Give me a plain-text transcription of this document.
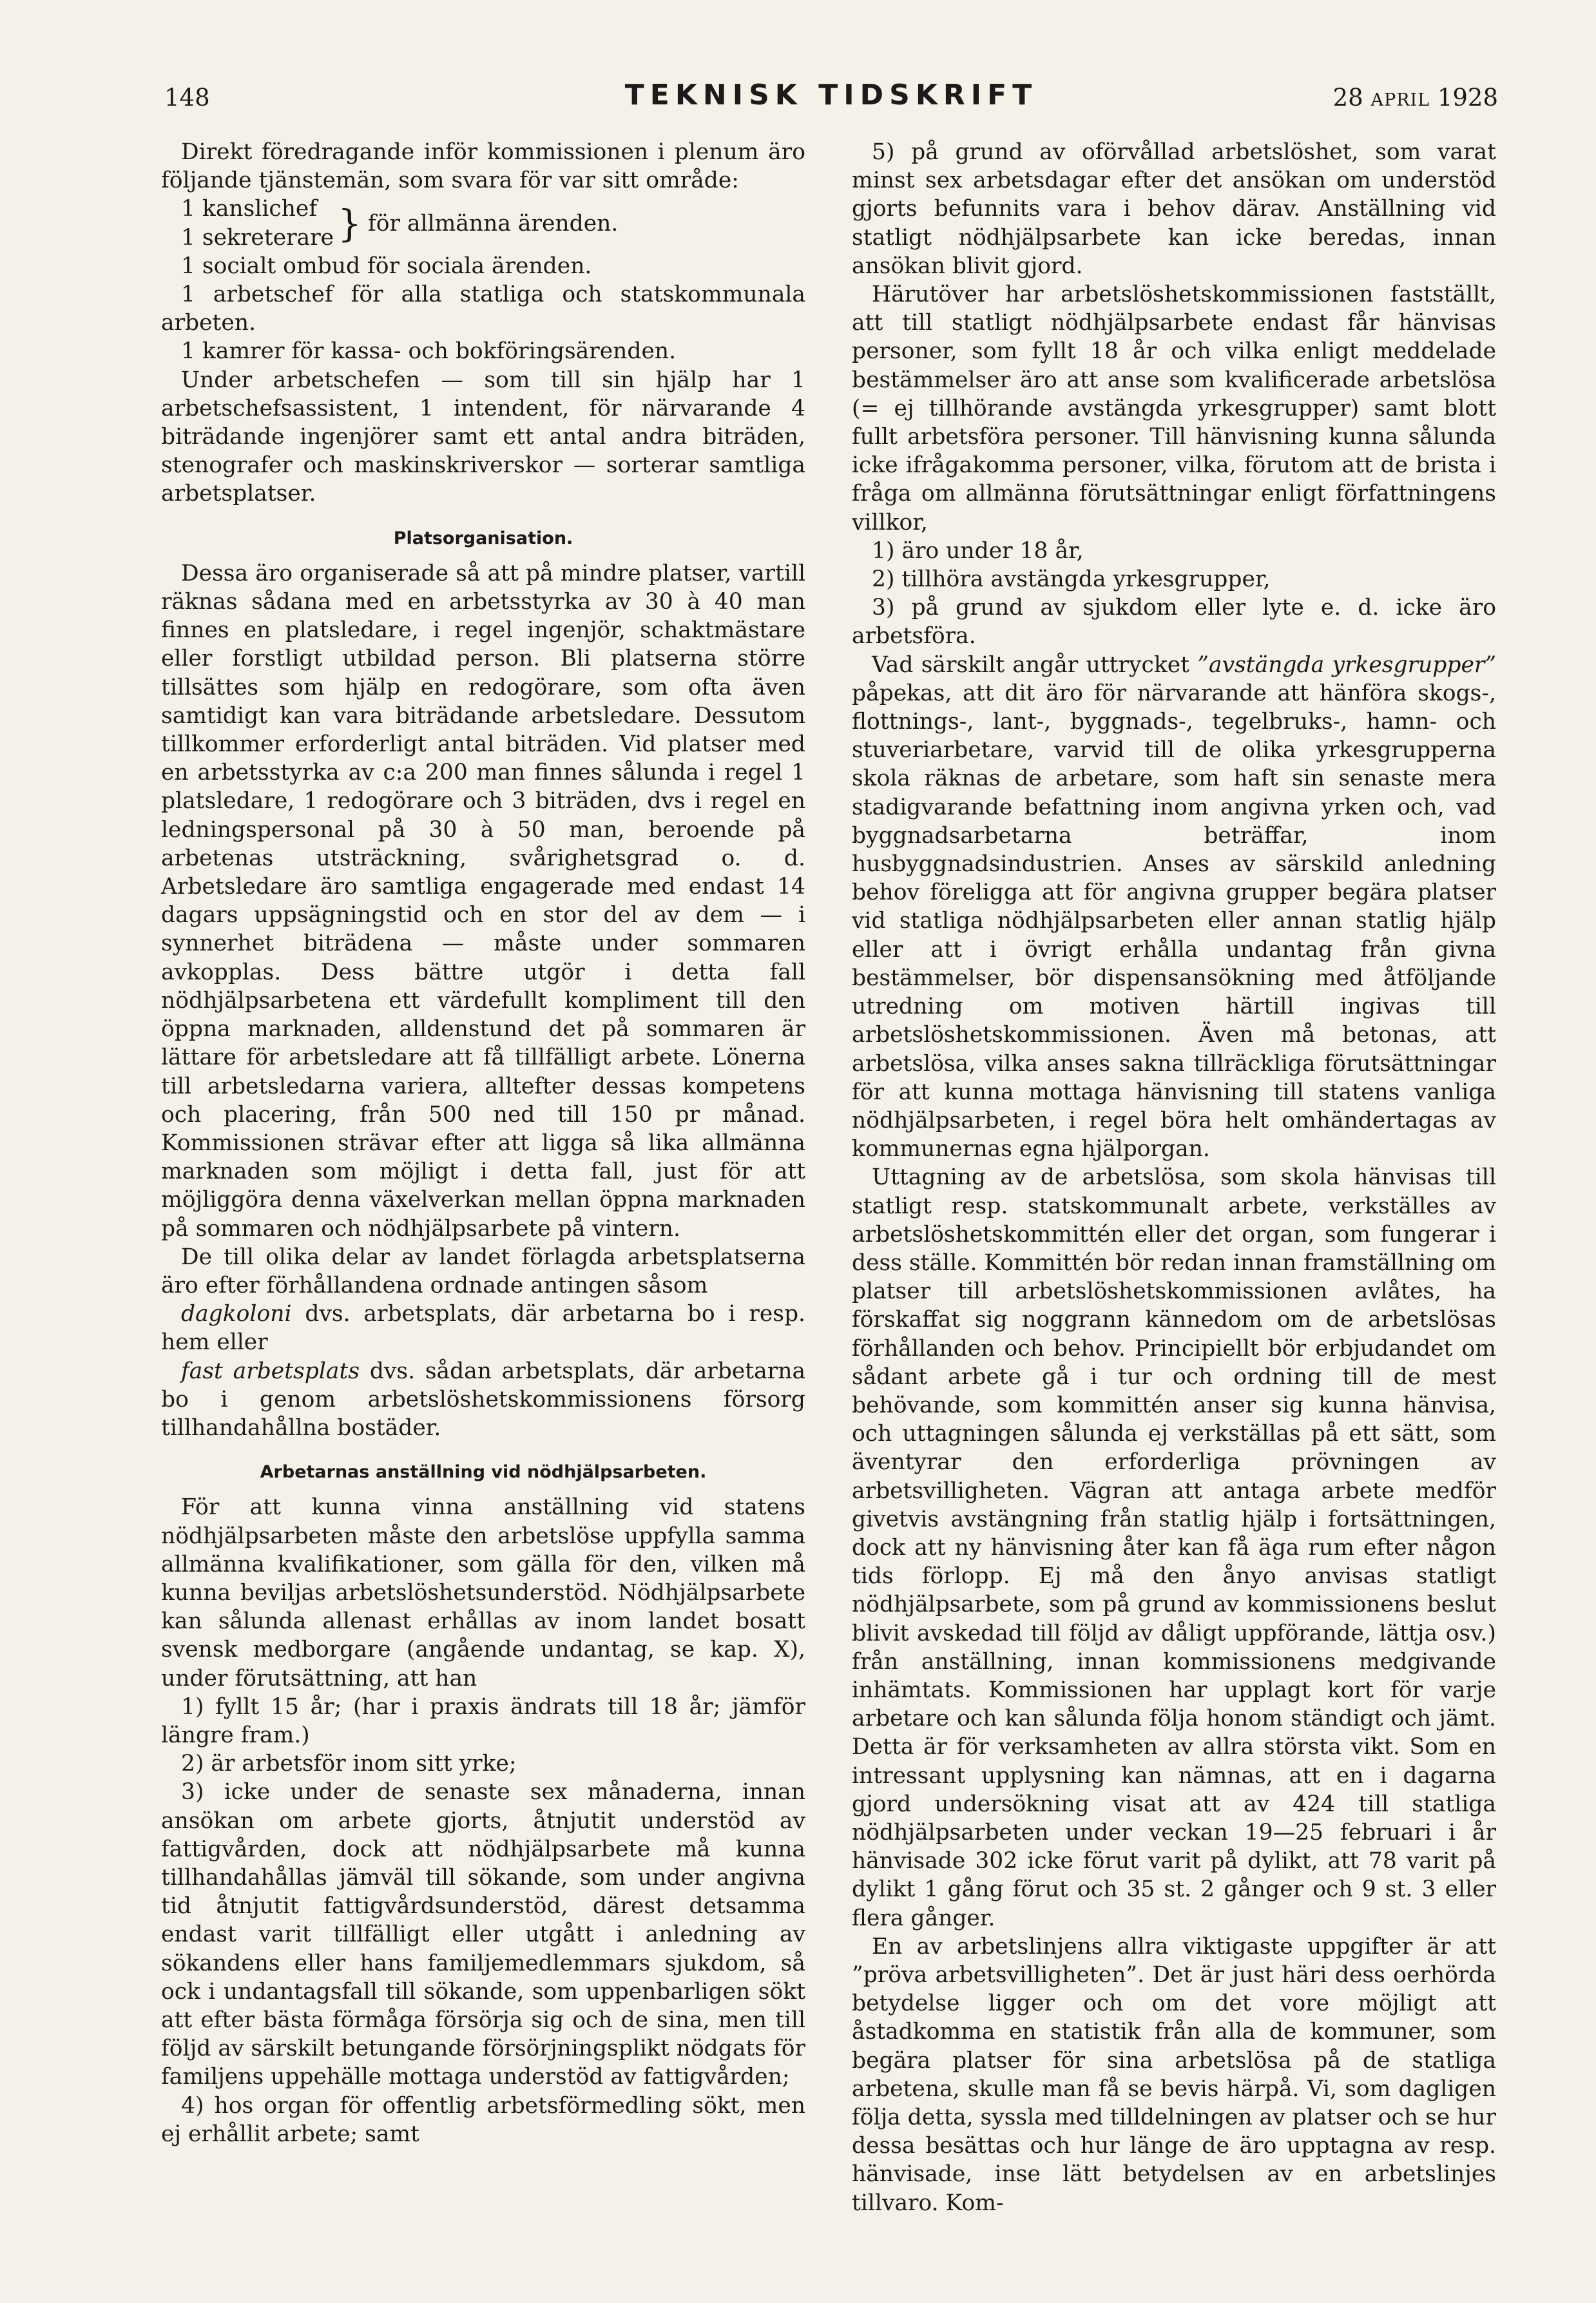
148	TEKNISK TIDSKRIFT	28 APRIL 1928

Direkt föredragande inför kommissionen i plenum äro följande tjänstemän, som svara för var sitt område:

1 kanslichef
1 sekreterare } för allmänna ärenden.

1 socialt ombud för sociala ärenden.

1 arbetschef för alla statliga och statskommunala arbeten.

1 kamrer för kassa- och bokföringsärenden.

Under arbetschefen — som till sin hjälp har 1 arbetschefsassistent, 1 intendent, för närvarande 4 biträdande ingenjörer samt ett antal andra biträden, stenografer och maskinskriverskor — sorterar samtliga arbetsplatser.

Platsorganisation.

Dessa äro organiserade så att på mindre platser, vartill räknas sådana med en arbetsstyrka av 30 à 40 man finnes en platsledare, i regel ingenjör, schaktmästare eller forstligt utbildad person. Bli platserna större tillsättes som hjälp en redogörare, som ofta även samtidigt kan vara biträdande arbetsledare. Dessutom tillkommer erforderligt antal biträden. Vid platser med en arbetsstyrka av c:a 200 man finnes sålunda i regel 1 platsledare, 1 redogörare och 3 biträden, dvs i regel en ledningspersonal på 30 à 50 man, beroende på arbetenas utsträckning, svårighetsgrad o. d. Arbetsledare äro samtliga engagerade med endast 14 dagars uppsägningstid och en stor del av dem — i synnerhet biträdena — måste under sommaren avkopplas. Dess bättre utgör i detta fall nödhjälpsarbetena ett värdefullt kompliment till den öppna marknaden, alldenstund det på sommaren är lättare för arbetsledare att få tillfälligt arbete. Lönerna till arbetsledarna variera, alltefter dessas kompetens och placering, från 500 ned till 150 pr månad. Kommissionen strävar efter att ligga så lika allmänna marknaden som möjligt i detta fall, just för att möjliggöra denna växelverkan mellan öppna marknaden på sommaren och nödhjälpsarbete på vintern.

De till olika delar av landet förlagda arbetsplatserna äro efter förhållandena ordnade antingen såsom

dagkoloni dvs. arbetsplats, där arbetarna bo i resp. hem eller

fast arbetsplats dvs. sådan arbetsplats, där arbetarna bo i genom arbetslöshetskommissionens försorg tillhandahållna bostäder.

Arbetarnas anställning vid nödhjälpsarbeten.

För att kunna vinna anställning vid statens nödhjälpsarbeten måste den arbetslöse uppfylla samma allmänna kvalifikationer, som gälla för den, vilken må kunna beviljas arbetslöshetsunderstöd. Nödhjälpsarbete kan sålunda allenast erhållas av inom landet bosatt svensk medborgare (angående undantag, se kap. X), under förutsättning, att han

1) fyllt 15 år; (har i praxis ändrats till 18 år; jämför längre fram.)

2) är arbetsför inom sitt yrke;

3) icke under de senaste sex månaderna, innan ansökan om arbete gjorts, åtnjutit understöd av fattigvården, dock att nödhjälpsarbete må kunna tillhandahållas jämväl till sökande, som under angivna tid åtnjutit fattigvårdsunderstöd, därest detsamma endast varit tillfälligt eller utgått i anledning av sökandens eller hans familjemedlemmars sjukdom, så ock i undantagsfall till sökande, som uppenbarligen sökt att efter bästa förmåga försörja sig och de sina, men till följd av särskilt betungande försörjningsplikt nödgats för familjens uppehälle mottaga understöd av fattigvården;

4) hos organ för offentlig arbetsförmedling sökt, men ej erhållit arbete; samt

5) på grund av oförvållad arbetslöshet, som varat minst sex arbetsdagar efter det ansökan om understöd gjorts befunnits vara i behov därav. Anställning vid statligt nödhjälpsarbete kan icke beredas, innan ansökan blivit gjord.

Härutöver har arbetslöshetskommissionen fastställt, att till statligt nödhjälpsarbete endast får hänvisas personer, som fyllt 18 år och vilka enligt meddelade bestämmelser äro att anse som kvalificerade arbetslösa (= ej tillhörande avstängda yrkesgrupper) samt blott fullt arbetsföra personer. Till hänvisning kunna sålunda icke ifrågakomma personer, vilka, förutom att de brista i fråga om allmänna förutsättningar enligt författningens villkor,

1) äro under 18 år,

2) tillhöra avstängda yrkesgrupper,

3) på grund av sjukdom eller lyte e. d. icke äro arbetsföra.

Vad särskilt angår uttrycket ”avstängda yrkesgrupper” påpekas, att dit äro för närvarande att hänföra skogs-, flottnings-, lant-, byggnads-, tegelbruks-, hamn- och stuveriarbetare, varvid till de olika yrkesgrupperna skola räknas de arbetare, som haft sin senaste mera stadigvarande befattning inom angivna yrken och, vad byggnadsarbetarna beträffar, inom husbyggnadsindustrien. Anses av särskild anledning behov föreligga att för angivna grupper begära platser vid statliga nödhjälpsarbeten eller annan statlig hjälp eller att i övrigt erhålla undantag från givna bestämmelser, bör dispensansökning med åtföljande utredning om motiven härtill ingivas till arbetslöshetskommissionen. Även må betonas, att arbetslösa, vilka anses sakna tillräckliga förutsättningar för att kunna mottaga hänvisning till statens vanliga nödhjälpsarbeten, i regel böra helt omhändertagas av kommunernas egna hjälporgan.

Uttagning av de arbetslösa, som skola hänvisas till statligt resp. statskommunalt arbete, verkställes av arbetslöshetskommittén eller det organ, som fungerar i dess ställe. Kommittén bör redan innan framställning om platser till arbetslöshetskommissionen avlåtes, ha förskaffat sig noggrann kännedom om de arbetslösas förhållanden och behov. Principiellt bör erbjudandet om sådant arbete gå i tur och ordning till de mest behövande, som kommittén anser sig kunna hänvisa, och uttagningen sålunda ej verkställas på ett sätt, som äventyrar den erforderliga prövningen av arbetsvilligheten. Vägran att antaga arbete medför givetvis avstängning från statlig hjälp i fortsättningen, dock att ny hänvisning åter kan få äga rum efter någon tids förlopp. Ej må den ånyo anvisas statligt nödhjälpsarbete, som på grund av kommissionens beslut blivit avskedad till följd av dåligt uppförande, lättja osv.) från anställning, innan kommissionens medgivande inhämtats. Kommissionen har upplagt kort för varje arbetare och kan sålunda följa honom ständigt och jämt. Detta är för verksamheten av allra största vikt. Som en intressant upplysning kan nämnas, att en i dagarna gjord undersökning visat att av 424 till statliga nödhjälpsarbeten under veckan 19—25 februari i år hänvisade 302 icke förut varit på dylikt, att 78 varit på dylikt 1 gång förut och 35 st. 2 gånger och 9 st. 3 eller flera gånger.

En av arbetslinjens allra viktigaste uppgifter är att ”pröva arbetsvilligheten”. Det är just häri dess oerhörda betydelse ligger och om det vore möjligt att åstadkomma en statistik från alla de kommuner, som begära platser för sina arbetslösa på de statliga arbetena, skulle man få se bevis härpå. Vi, som dagligen följa detta, syssla med tilldelningen av platser och se hur dessa besättas och hur länge de äro upptagna av resp. hänvisade, inse lätt betydelsen av en arbetslinjes tillvaro. Kom-
